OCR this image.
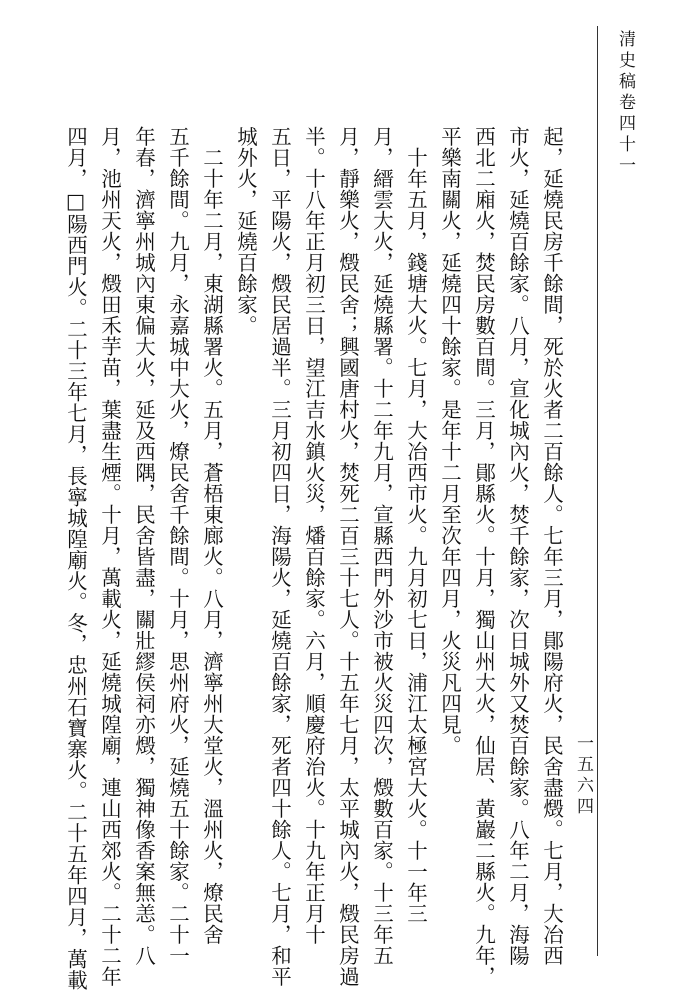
清史稿卷四十一
一五六四
起，延燒民房千餘間，死於火者二百餘人。七年三月，鄖陽府火，民舍盡燬。七月，大冶西
市火，延燒百餘家。八月，宣化城內火，焚千餘家，次日城外又焚百餘家。八年二月，海陽
西北二廂火，焚民房數百間。三月，鄖縣火。十月，獨山州大火，仙居、黃巖二縣火。九年，
平樂南關火，延燒四十餘家。是年十二月至次年四月，火災凡四見。
　十年五月，錢塘大火。七月，大冶西市火。九月初七日，浦江太極宮大火。十一年三
月，縉雲大火，延燒縣署。十二年九月，宣縣西門外沙市被火災四次，燬數百家。十三年五
月，靜樂火，燬民舍；興國唐村火，焚死二百三十七人。十五年七月，太平城內火，燬民房過
半。十八年正月初三日，望江吉水鎮火災，燔百餘家。六月，順慶府治火。十九年正月十
五日，平陽火，燬民居過半。三月初四日，海陽火，延燒百餘家，死者四十餘人。七月，和平
城外火，延燒百餘家。
　二十年二月，東湖縣署火。五月，蒼梧東廊火。八月，濟寧州大堂火，溫州火，燎民舍
五千餘間。九月，永嘉城中大火，燎民舍千餘間。十月，思州府火，延燒五十餘家。二十一
年春，濟寧州城內東偏大火，延及西隅，民舍皆盡，關壯繆侯祠亦燬，獨神像香案無恙。八
月，池州天火，燬田禾芋苗，葉盡生煙。十月，萬載火，延燒城隍廟，連山西郊火。二十二年
四月，□陽西門火。二十三年七月，長寧城隍廟火。冬，忠州石寶寨火。二十五年四月，萬載
